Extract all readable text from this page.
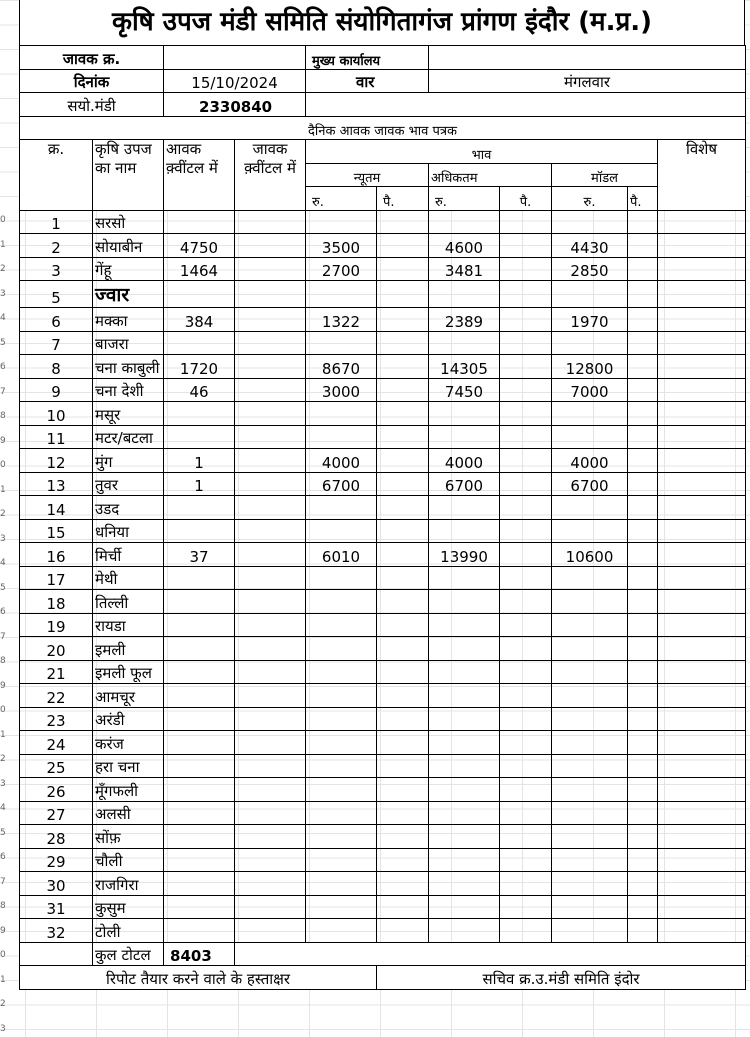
0
1
2
3
4
5
6
7
8
9
0
1
2
3
4
5
6
7
8
9
0
1
2
3
4
5
6
7
8
9
0
1
2
3
कृषि उपज मंडी समिति संयोगितागंज प्रांगण इंदौर (म.प्र.)
जावक क्र.				मुख्य कार्यालय						
दिनांक		15/10/2024		वार		मंगलवार				
सयो.मंडी		2330840								
दैनिक आवक जावक भाव पत्रक										
क्र.	कृषि उपज का नाम	आवक क़्वींटल में	जावक क़्वींटल में	भाव						विशेष
				न्यूतम		अधिकतम		मॉडल		
				रु.	पै.	रु.	पै.	रु.	पै.	
1	सरसो									
2	सोयाबीन	4750		3500		4600		4430		
3	गेंहू	1464		2700		3481		2850		
5	ज्वार									
6	मक्का	384		1322		2389		1970		
7	बाजरा									
8	चना काबुली	1720		8670		14305		12800		
9	चना देशी	46		3000		7450		7000		
10	मसूर									
11	मटर/बटला									
12	मुंग	1		4000		4000		4000		
13	तुवर	1		6700		6700		6700		
14	उडद									
15	धनिया									
16	मिर्ची	37		6010		13990		10600		
17	मेथी									
18	तिल्ली									
19	रायडा									
20	इमली									
21	इमली फूल									
22	आमचूर									
23	अरंडी									
24	करंज									
25	हरा चना									
26	मूँगफली									
27	अलसी									
28	सोंफ़									
29	चौली									
30	राजगिरा									
31	कुसुम									
32	टोली									
	कुल टोटल	8403								
रिपोट तैयार करने वाले के हस्ताक्षर					सचिव क्र.उ.मंडी समिति इंदोर					
